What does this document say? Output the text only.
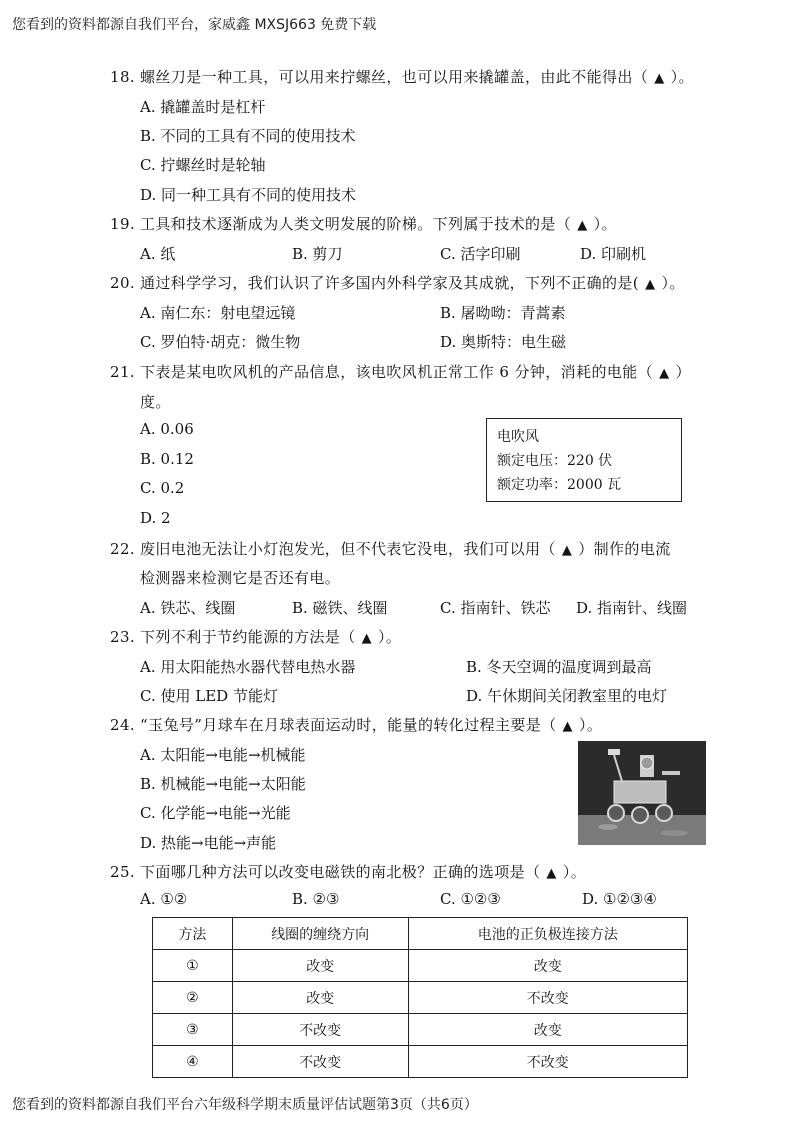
您看到的资料都源自我们平台，家威鑫 MXSJ663 免费下载
18. 螺丝刀是一种工具，可以用来拧螺丝，也可以用来撬罐盖，由此不能得出（ ▲ ）。
A. 撬罐盖时是杠杆
B. 不同的工具有不同的使用技术
C. 拧螺丝时是轮轴
D. 同一种工具有不同的使用技术
19. 工具和技术逐渐成为人类文明发展的阶梯。下列属于技术的是（ ▲ ）。
A. 纸	B. 剪刀	C. 活字印刷	D. 印刷机
20. 通过科学学习，我们认识了许多国内外科学家及其成就，下列不正确的是( ▲ ）。
A. 南仁东：射电望远镜	B. 屠呦呦：青蒿素
C. 罗伯特·胡克：微生物	D. 奥斯特：电生磁
21. 下表是某电吹风机的产品信息，该电吹风机正常工作 6 分钟，消耗的电能（ ▲ ）
度。
A. 0.06
B. 0.12
C. 0.2
D. 2
电吹风
额定电压：220 伏
额定功率：2000 瓦
22. 废旧电池无法让小灯泡发光，但不代表它没电，我们可以用（ ▲ ）制作的电流
检测器来检测它是否还有电。
A. 铁芯、线圈	B. 磁铁、线圈	C. 指南针、铁芯 D. 指南针、线圈
23. 下列不利于节约能源的方法是（ ▲ ）。
A. 用太阳能热水器代替电热水器	B. 冬天空调的温度调到最高
C. 使用 LED 节能灯	D. 午休期间关闭教室里的电灯
24. “玉兔号”月球车在月球表面运动时，能量的转化过程主要是（ ▲ ）。
A. 太阳能→电能→机械能
B. 机械能→电能→太阳能
C. 化学能→电能→光能
D. 热能→电能→声能
25. 下面哪几种方法可以改变电磁铁的南北极？正确的选项是（ ▲ ）。
A. ①②	B. ②③	C. ①②③	D. ①②③④
方法	线圈的缠绕方向	电池的正负极连接方法
①	改变	改变
②	改变	不改变
③	不改变	改变
④	不改变	不改变
您看到的资料都源自我们平台六年级科学期末质量评估试题第3页（共6页）
